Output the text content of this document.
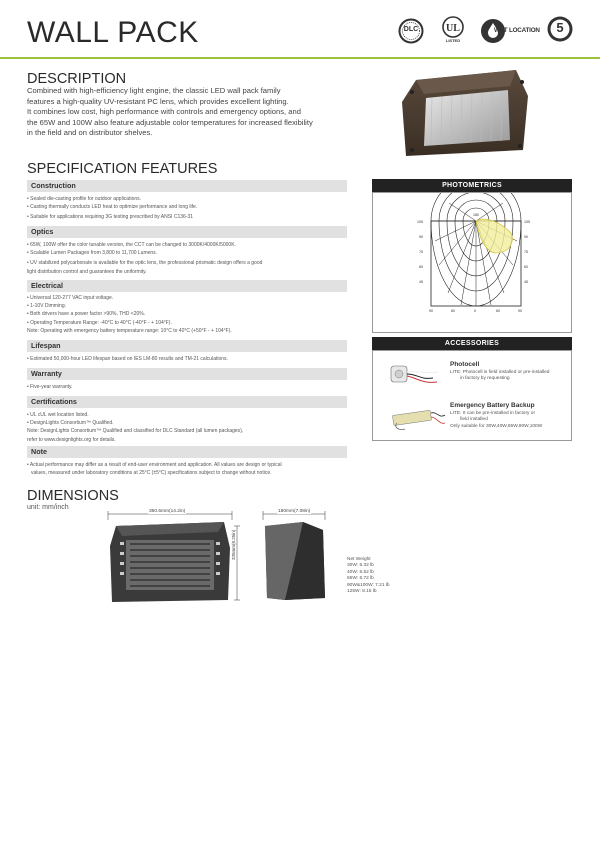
WALL PACK	DLC	UL
LISTED
WET LOCATION	5
DESCRIPTION
Combined with high-efficiency light engine, the classic LED wall pack family
features a high-quality UV-resistant PC lens, which provides excellent lighting.
It combines low cost, high performance with controls and emergency options, and
the 65W and 100W also feature adjustable color temperatures for increased flexibility
in the field and on distributor shelves.
SPECIFICATION FEATURES
Construction
• Sealed die-casting profile for outdoor applications.
• Casting thermally conducts LED heat to optimize performance and long life.
• Suitable for applications requiring 3G testing prescribed by ANSI C136-31
Optics
• 65W, 100W offer the color tunable version, the CCT can be changed to 3000K/4000K/5000K.
• Scalable Lumen Packages from 3,800 to 11,700 Lumens.
• UV stabilized polycarbonate is available for the optic lens, the professional prismatic design offers a good
light distribution control and guarantees the uniformity.
Electrical
• Universal 120-277 VAC input voltage.
• 1-10V Dimming.
• Both drivers have a power factor >90%, THD <20%.
• Operating Temperature Range: -40°C to 40°C (-40°F - + 104°F).
Note: Operating with emergency battery temperature range: 10°C to 40°C (+50°F - + 104°F).
Lifespan
• Estimated 50,000-hour LED lifespan based on IES LM-80 results and TM-21 calculations.
Warranty
• Five-year warranty.
Certifications
• UL cUL wet location listed.
• DesignLights Consortium™ Qualified.
Note: DesignLights Consortium™ Qualified and classified for DLC Standard (all lumen packages),
refer to www.designlights.org for details.
Note
• Actual performance may differ as a result of end-user environment and application. All values are design or typical
values, measured under laboratory conditions at 25°C (±5°C) specifications subject to change without notice.
PHOTOMETRICS
180
105
90
75
60
45
105
90
75
60
45
90	60	0	60	90
ACCESSORIES
Photocell
LITE: Photocell is field installed or pre-installed
in factory by requesting
Emergency Battery Backup
LITE: It can be pre-installed in factory or
field installed
Only suitable for 30W,40W,65W,90W,100W
DIMENSIONS
unit: mm/inch
360.5mm(14.2in)
335mm(8.25in)
180mm(7.08in)
Net Weight
30W: 6.32 lb
40W: 6.52 lb
65W: 6.72 lb
90W&100W: 7.21 lb
125W: 8.15 lb
